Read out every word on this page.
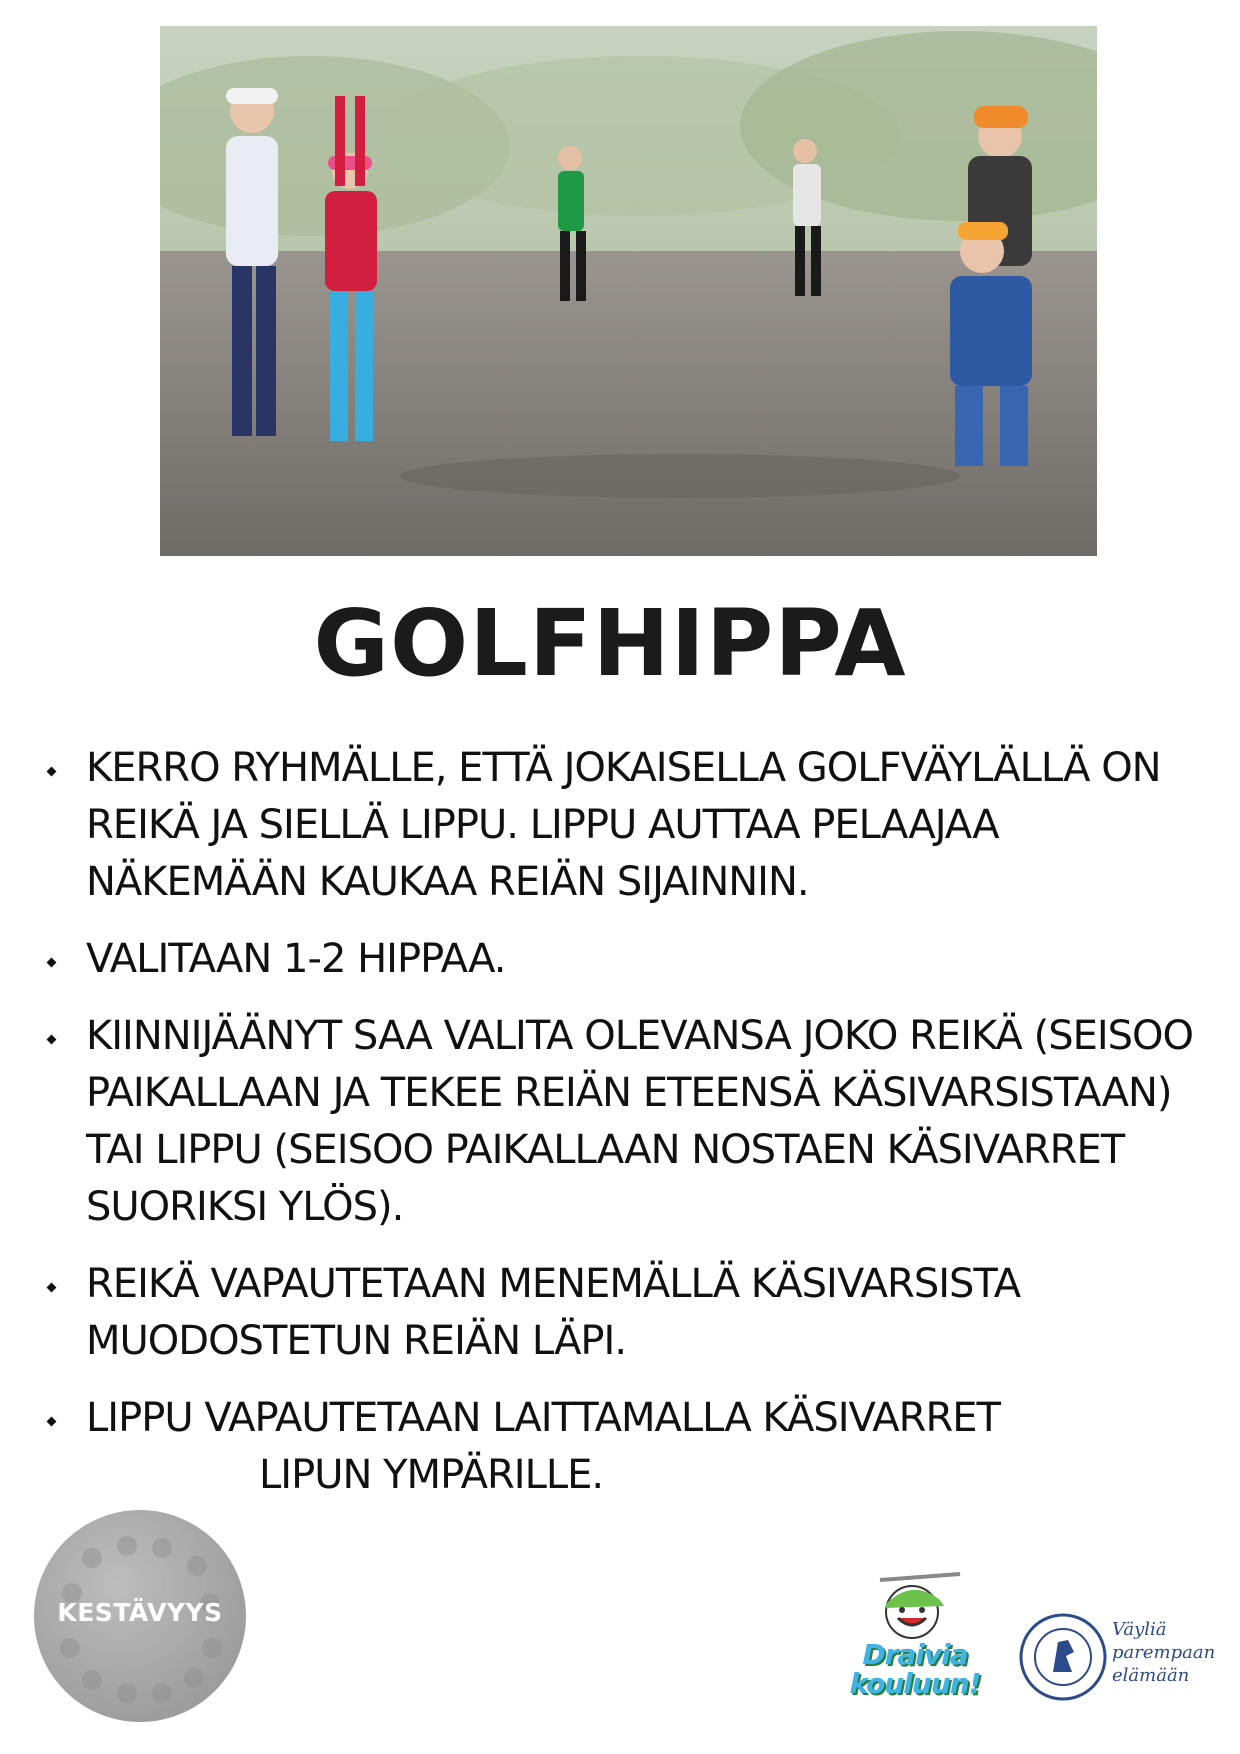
GOLFHIPPA
KERRO RYHMÄLLE, ETTÄ JOKAISELLA GOLFVÄYLÄLLÄ ON REIKÄ JA SIELLÄ LIPPU. LIPPU AUTTAA PELAAJAA NÄKEMÄÄN KAUKAA REIÄN SIJAINNIN.
VALITAAN 1-2 HIPPAA.
KIINNIJÄÄNYT SAA VALITA OLEVANSA JOKO REIKÄ (SEISOO PAIKALLAAN JA TEKEE REIÄN ETEENSÄ KÄSIVARSISTAAN) TAI LIPPU (SEISOO PAIKALLAAN NOSTAEN KÄSIVARRET SUORIKSI YLÖS).
REIKÄ VAPAUTETAAN MENEMÄLLÄ KÄSIVARSISTA MUODOSTETUN REIÄN LÄPI.
LIPPU VAPAUTETAAN LAITTAMALLA KÄSIVARRET
LIPUN YMPÄRILLE.
KESTÄVYYS
Draivia
kouluun!
Väyliä
parempaan
elämään
